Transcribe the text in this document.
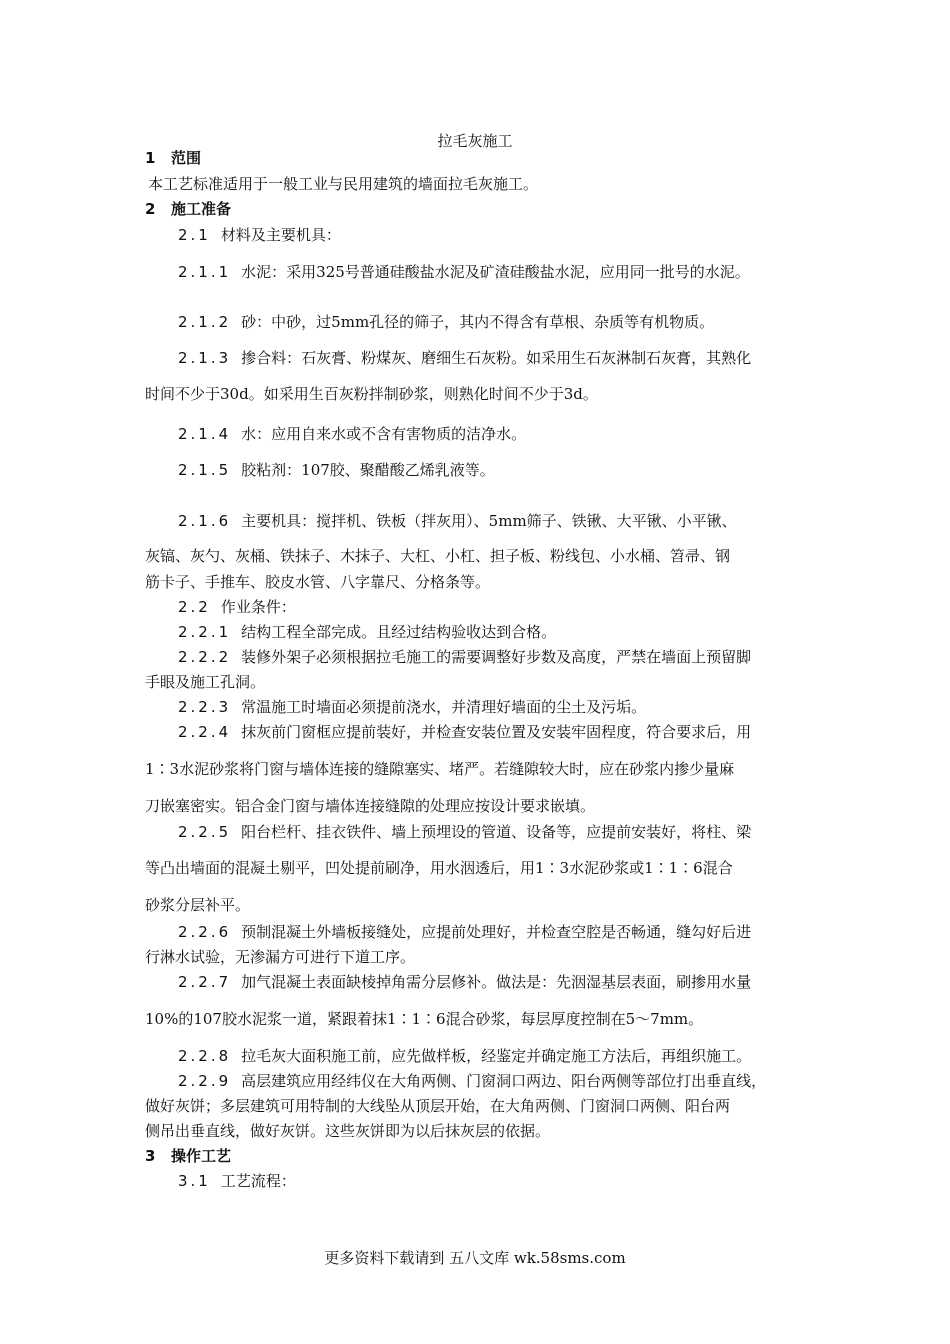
拉毛灰施工
1 范围
本工艺标准适用于一般工业与民用建筑的墙面拉毛灰施工。
2 施工准备
2.1 材料及主要机具：
2.1.1 水泥：采用325号普通硅酸盐水泥及矿渣硅酸盐水泥，应用同一批号的水泥。
2.1.2 砂：中砂，过5mm孔径的筛子，其内不得含有草根、杂质等有机物质。
2.1.3 掺合料：石灰膏、粉煤灰、磨细生石灰粉。如采用生石灰淋制石灰膏，其熟化
时间不少于30d。如采用生百灰粉拌制砂浆，则熟化时间不少于3d。
2.1.4 水：应用自来水或不含有害物质的洁净水。
2.1.5 胶粘剂：107胶、聚醋酸乙烯乳液等。
2.1.6 主要机具：搅拌机、铁板（拌灰用）、5mm筛子、铁锹、大平锹、小平锹、
灰镐、灰勺、灰桶、铁抹子、木抹子、大杠、小杠、担子板、粉线包、小水桶、笤帚、钢
筋卡子、手推车、胶皮水管、八字靠尺、分格条等。
2.2 作业条件：
2.2.1 结构工程全部完成。且经过结构验收达到合格。
2.2.2 装修外架子必须根据拉毛施工的需要调整好步数及高度，严禁在墙面上预留脚
手眼及施工孔洞。
2.2.3 常温施工时墙面必须提前浇水，并清理好墙面的尘土及污垢。
2.2.4 抹灰前门窗框应提前装好，并检查安装位置及安装牢固程度，符合要求后，用
1∶3水泥砂浆将门窗与墙体连接的缝隙塞实、堵严。若缝隙较大时，应在砂浆内掺少量麻
刀嵌塞密实。铝合金门窗与墙体连接缝隙的处理应按设计要求嵌填。
2.2.5 阳台栏杆、挂衣铁件、墙上预埋设的管道、设备等，应提前安装好，将柱、梁
等凸出墙面的混凝土剔平，凹处提前刷净，用水洇透后，用1∶3水泥砂浆或1∶1∶6混合
砂浆分层补平。
2.2.6 预制混凝土外墙板接缝处，应提前处理好，并检查空腔是否畅通，缝勾好后进
行淋水试验，无渗漏方可进行下道工序。
2.2.7 加气混凝土表面缺棱掉角需分层修补。做法是：先洇湿基层表面，刷掺用水量
10%的107胶水泥浆一道，紧跟着抹1∶1∶6混合砂浆，每层厚度控制在5～7mm。
2.2.8 拉毛灰大面积施工前，应先做样板，经鉴定并确定施工方法后，再组织施工。
2.2.9 高层建筑应用经纬仪在大角两侧、门窗洞口两边、阳台两侧等部位打出垂直线，
做好灰饼；多层建筑可用特制的大线坠从顶层开始，在大角两侧、门窗洞口两侧、阳台两
侧吊出垂直线，做好灰饼。这些灰饼即为以后抹灰层的依据。
3 操作工艺
3.1 工艺流程：
更多资料下载请到 五八文库 wk.58sms.com
